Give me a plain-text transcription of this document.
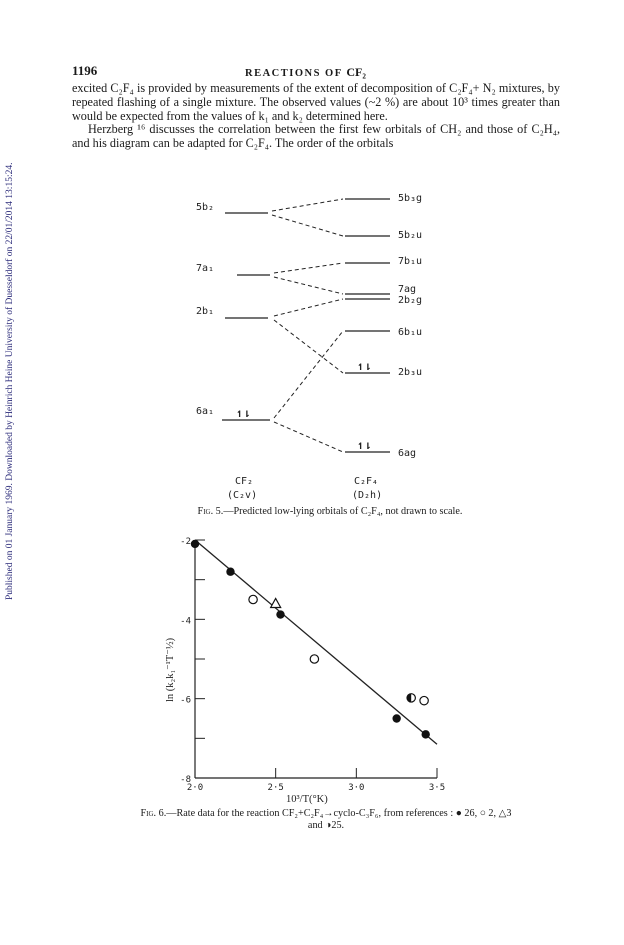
Published on 01 January 1969. Downloaded by Heinrich Heine University of Duesseldorf on 22/01/2014 13:15:24.
1196	REACTIONS OF CF₂

excited C₂F₄ is provided by measurements of the extent of decomposition of C₂F₄+ N₂ mixtures, by repeated flashing of a single mixture. The observed values (~2 %) are about 10³ times greater than would be expected from the values of k₁ and k₂ determined here.

Herzberg ¹⁶ discusses the correlation between the first few orbitals of CH₂ and those of C₂H₄, and his diagram can be adapted for C₂F₄. The order of the orbitals

5b₂
7a₁
2b₁
6a₁
5b₃g
5b₂u
7b₁u
7ag
2b₂g
6b₁u
2b₃u
6ag
↿⇂
↿⇂
↿⇂
CF₂
(C₂v)
C₂F₄
(D₂h)
Fig. 5.—Predicted low-lying orbitals of C₂F₄, not drawn to scale.
-2
-4
-6
-8
2·0	2·5	3·0	3·5
10³/T(°K)
ln (k₂k₁⁻¹T⁻½)
Fig. 6.—Rate data for the reaction CF₂+C₂F₄→cyclo-C₃F₆, from references : ● 26, ○ 2, △3
and ◑25.
